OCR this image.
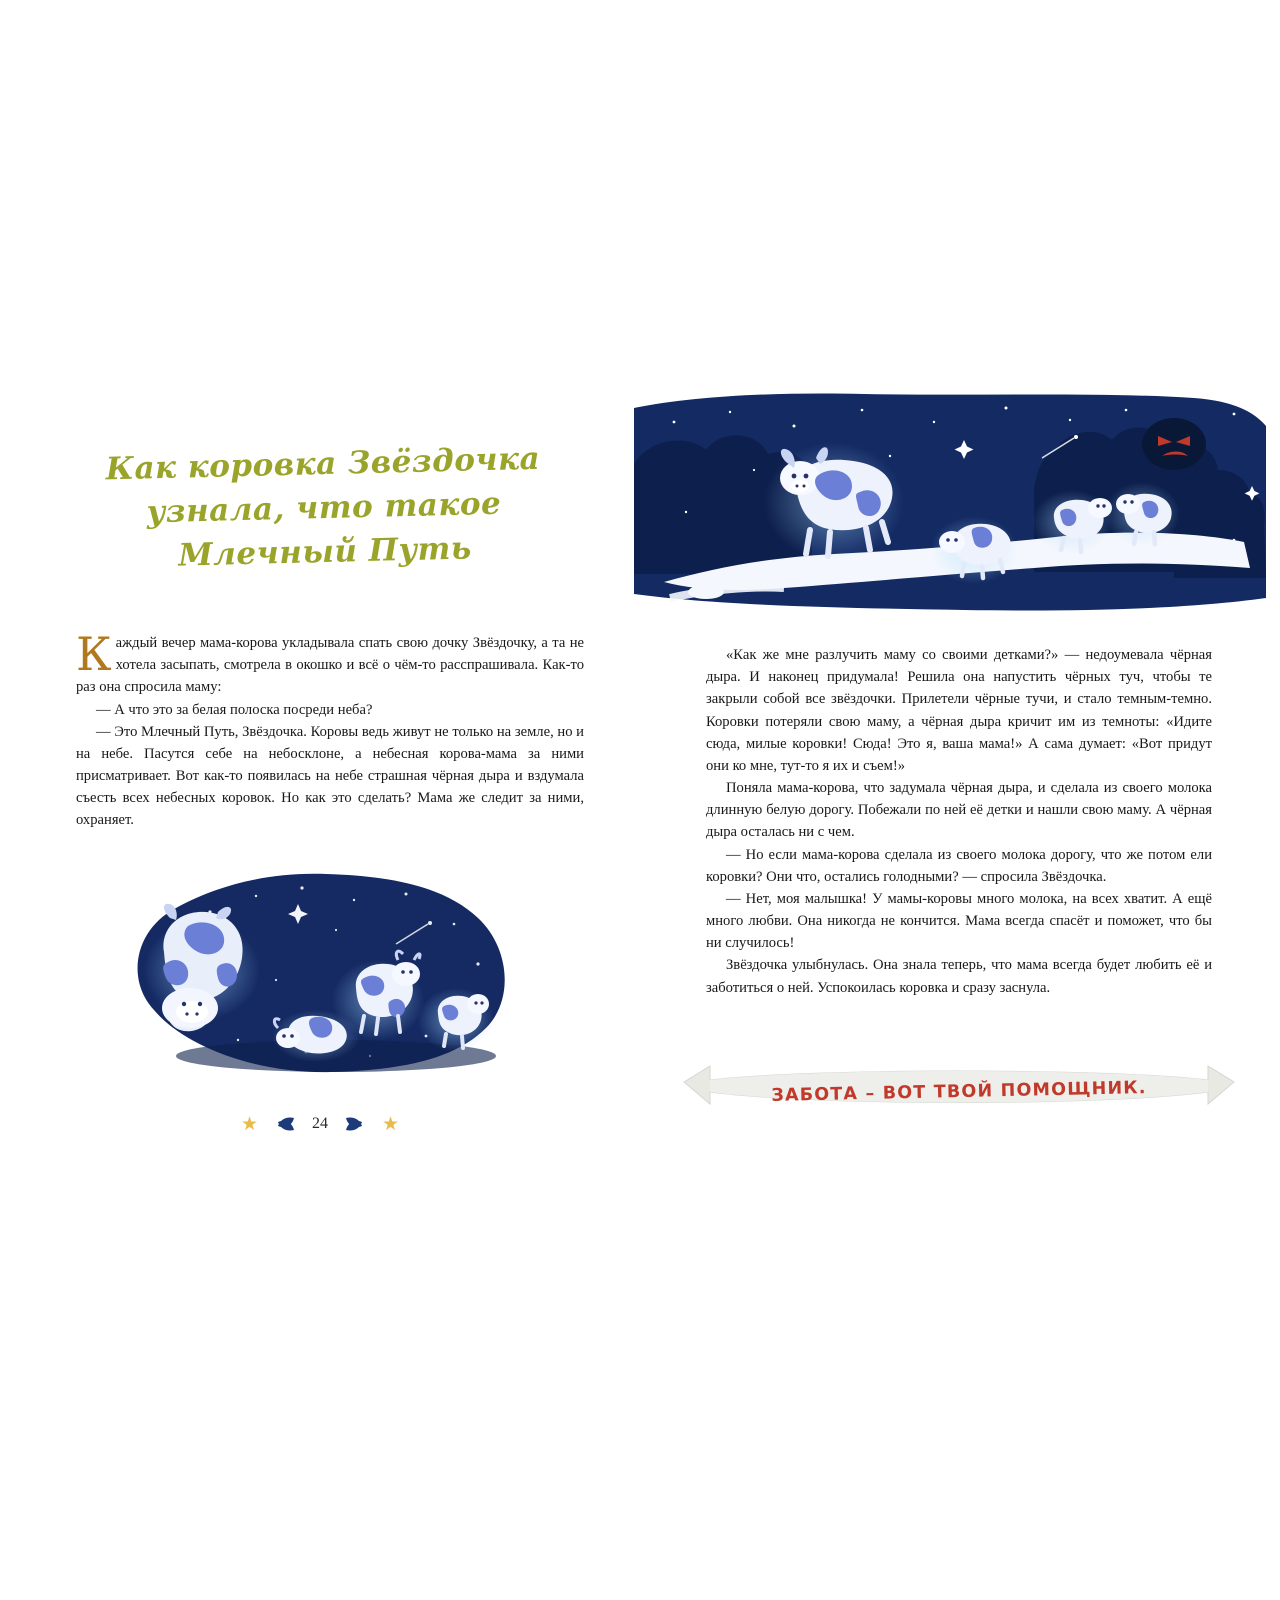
Как коровка Звёздочка
узнала, что такое
Млечный Путь

Каждый вечер мама-корова укладывала спать свою дочку Звёздочку, а та не хотела засыпать, смотрела в окошко и всё о чём-то расспрашивала. Как-то раз она спросила маму:

— А что это за белая полоска посреди неба?

— Это Млечный Путь, Звёздочка. Коровы ведь живут не только на земле, но и на небе. Пасутся себе на небосклоне, а небесная корова-мама за ними присматривает. Вот как-то появилась на небе страшная чёрная дыра и вздумала съесть всех небесных коровок. Но как это сделать? Мама же следит за ними, охраняет.

★	24	★

«Как же мне разлучить маму со своими детками?» — недоумевала чёрная дыра. И наконец придумала! Решила она напустить чёрных туч, чтобы те закрыли собой все звёздочки. Прилетели чёрные тучи, и стало темным-темно. Коровки потеряли свою маму, а чёрная дыра кричит им из темноты: «Идите сюда, милые коровки! Сюда! Это я, ваша мама!» А сама думает: «Вот придут они ко мне, тут-то я их и съем!»

Поняла мама-корова, что задумала чёрная дыра, и сделала из своего молока длинную белую дорогу. Побежали по ней её детки и нашли свою маму. А чёрная дыра осталась ни с чем.

— Но если мама-корова сделала из своего молока дорогу, что же потом ели коровки? Они что, остались голодными? — спросила Звёздочка.

— Нет, моя малышка! У мамы-коровы много молока, на всех хватит. А ещё много любви. Она никогда не кончится. Мама всегда спасёт и поможет, что бы ни случилось!

Звёздочка улыбнулась. Она знала теперь, что мама всегда будет любить её и заботиться о ней. Успокоилась коровка и сразу заснула.

ЗАБОТА – ВОТ ТВОЙ ПОМОЩНИК.
